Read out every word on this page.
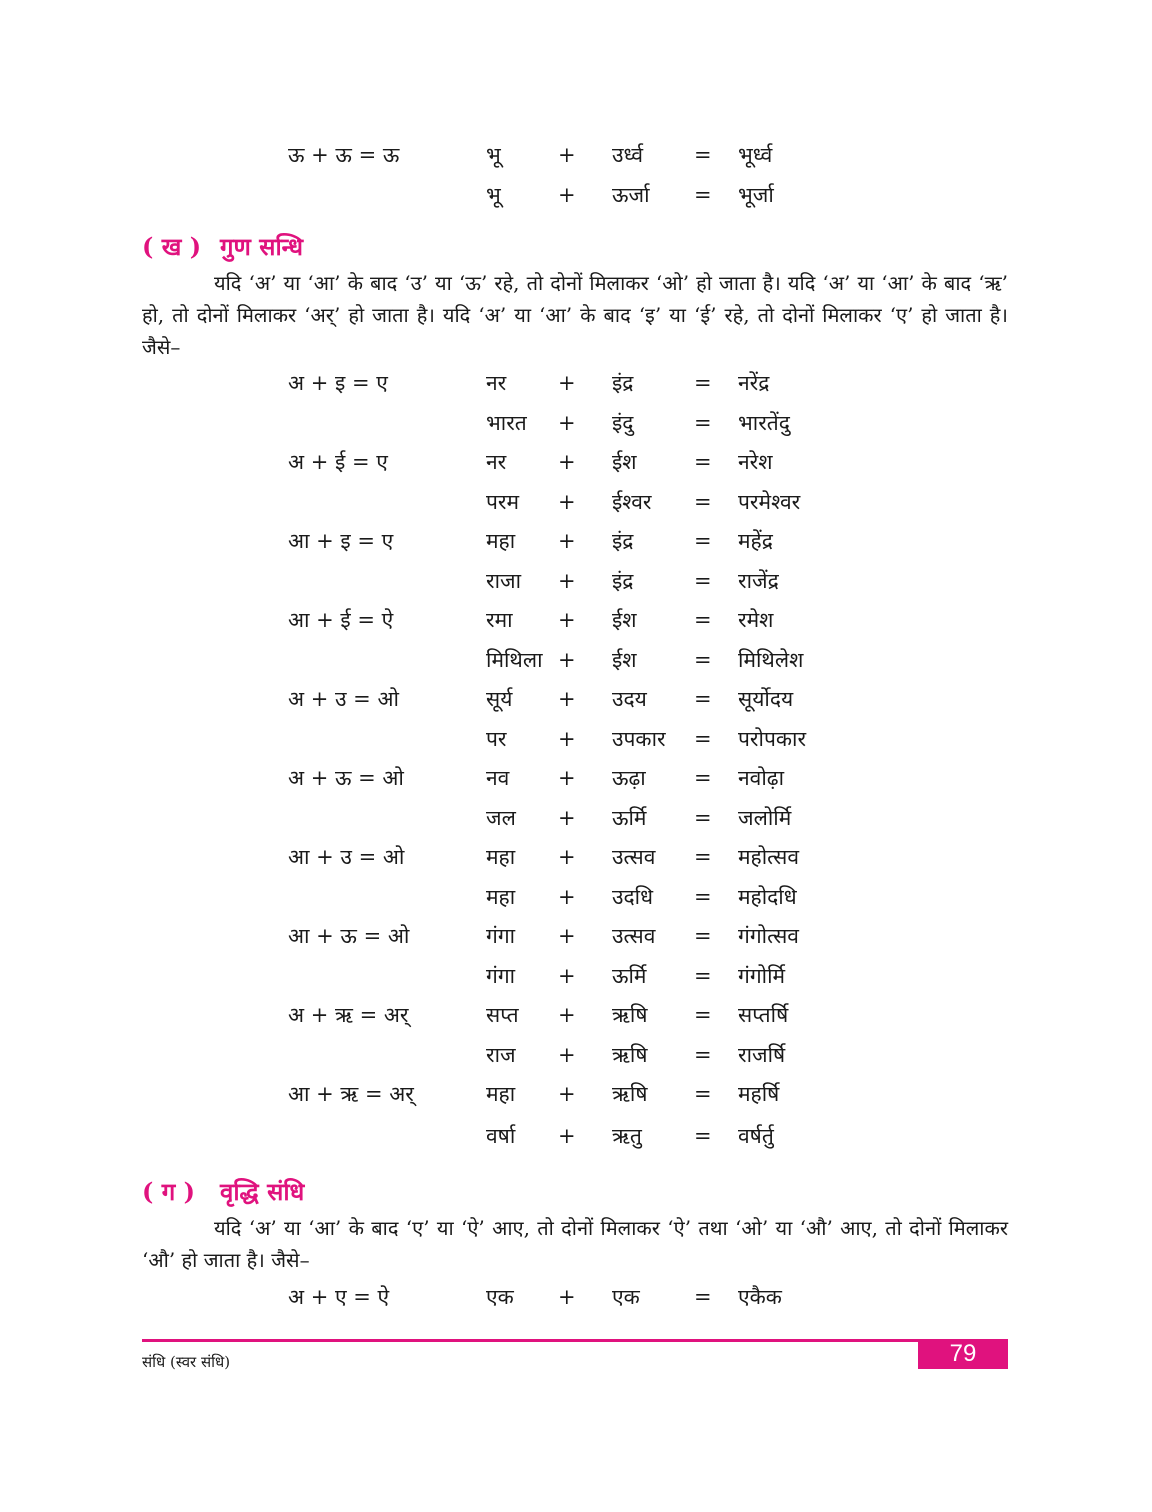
ऊ + ऊ = ऊ	भू	+ उर्ध्व = भूर्ध्व
भू	+ ऊर्जा = भूर्जा
( ख ) गुण सन्धि
यदि ‘अ’ या ‘आ’ के बाद ‘उ’ या ‘ऊ’ रहे, तो दोनों मिलाकर ‘ओ’ हो जाता है। यदि ‘अ’ या ‘आ’ के बाद ‘ऋ’ हो, तो दोनों मिलाकर ‘अर्’ हो जाता है। यदि ‘अ’ या ‘आ’ के बाद ‘इ’ या ‘ई’ रहे, तो दोनों मिलाकर ‘ए’ हो जाता है। जैसे–
अ + इ = ए	नर + इंद्र	= नरेंद्र
भारत + इंदु	= भारतेंदु
अ + ई = ए	नर + ईश	= नरेश
परम + ईश्वर = परमेश्वर
आ + इ = ए	महा + इंद्र	= महेंद्र
राजा + इंद्र	= राजेंद्र
आ + ई = ऐ	रमा + ईश	= रमेश
मिथिला + ईश	= मिथिलेश
अ + उ = ओ	सूर्य + उदय = सूर्योदय
पर + उपकार = परोपकार
अ + ऊ = ओ	नव + ऊढ़ा = नवोढ़ा
जल + ऊर्मि = जलोर्मि
आ + उ = ओ	महा + उत्सव = महोत्सव
महा + उदधि = महोदधि
आ + ऊ = ओ	गंगा + उत्सव = गंगोत्सव
गंगा + ऊर्मि = गंगोर्मि
अ + ऋ = अर्	सप्त + ऋषि = सप्तर्षि
राज + ऋषि = राजर्षि
आ + ऋ = अर्	महा + ऋषि = महर्षि
वर्षा + ऋतु = वर्षर्तु
( ग ) वृद्धि संधि
यदि ‘अ’ या ‘आ’ के बाद ‘ए’ या ‘ऐ’ आए, तो दोनों मिलाकर ‘ऐ’ तथा ‘ओ’ या ‘औ’ आए, तो दोनों मिलाकर ‘औ’ हो जाता है। जैसे–
अ + ए = ऐ	एक + एक	= एकैक
79
संधि (स्वर संधि)
